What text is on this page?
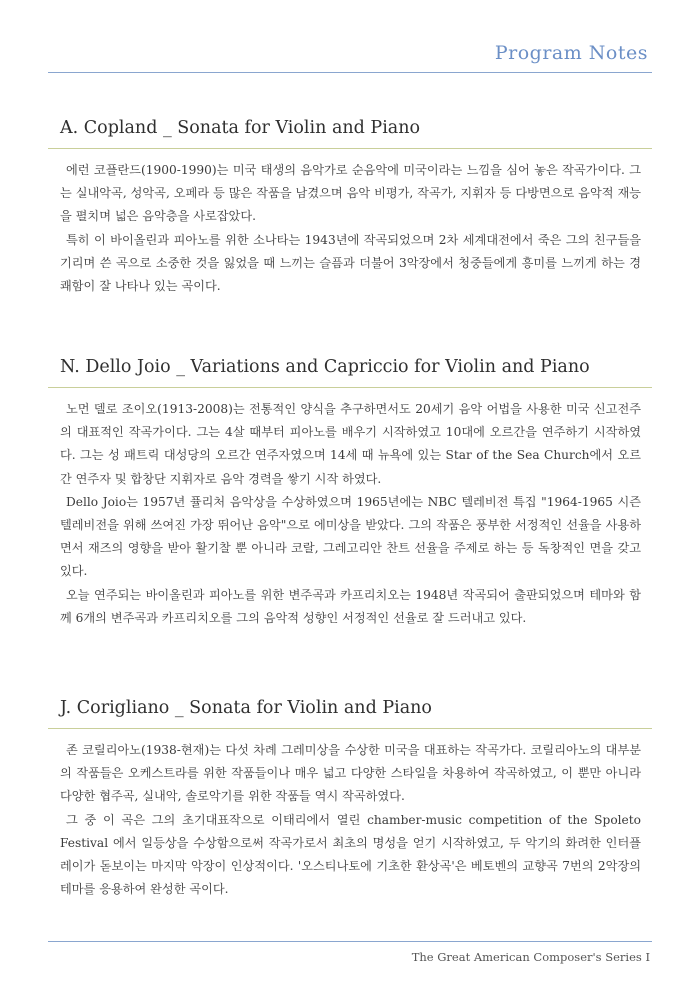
Program Notes
A. Copland _ Sonata for Violin and Piano

에런 코플란드(1900-1990)는 미국 태생의 음악가로 순음악에 미국이라는 느낌을 심어 놓은 작곡가이다. 그는 실내악곡, 성악곡, 오페라 등 많은 작품을 남겼으며 음악 비평가, 작곡가, 지휘자 등 다방면으로 음악적 재능을 펼치며 넓은 음악층을 사로잡았다.

특히 이 바이올린과 피아노를 위한 소나타는 1943년에 작곡되었으며 2차 세계대전에서 죽은 그의 친구들을 기리며 쓴 곡으로 소중한 것을 잃었을 때 느끼는 슬픔과 더불어 3악장에서 청중들에게 흥미를 느끼게 하는 경쾌함이 잘 나타나 있는 곡이다.

N. Dello Joio _ Variations and Capriccio for Violin and Piano

노먼 델로 조이오(1913-2008)는 전통적인 양식을 추구하면서도 20세기 음악 어법을 사용한 미국 신고전주의 대표적인 작곡가이다. 그는 4살 때부터 피아노를 배우기 시작하였고 10대에 오르간을 연주하기 시작하였다. 그는 성 패트릭 대성당의 오르간 연주자였으며 14세 때 뉴욕에 있는 Star of the Sea Church에서 오르간 연주자 및 합창단 지휘자로 음악 경력을 쌓기 시작 하였다.

Dello Joio는 1957년 퓰리처 음악상을 수상하였으며 1965년에는 NBC 텔레비전 특집 "1964-1965 시즌 텔레비전을 위해 쓰여진 가장 뛰어난 음악"으로 에미상을 받았다. 그의 작품은 풍부한 서정적인 선율을 사용하면서 재즈의 영향을 받아 활기찰 뿐 아니라 코랄, 그레고리안 찬트 선율을 주제로 하는 등 독창적인 면을 갖고 있다.

오늘 연주되는 바이올린과 피아노를 위한 변주곡과 카프리치오는 1948년 작곡되어 출판되었으며 테마와 함께 6개의 변주곡과 카프리치오를 그의 음악적 성향인 서정적인 선율로 잘 드러내고 있다.

J. Corigliano _ Sonata for Violin and Piano

존 코릴리아노(1938-현재)는 다섯 차례 그레미상을 수상한 미국을 대표하는 작곡가다. 코릴리아노의 대부분의 작품들은 오케스트라를 위한 작품들이나 매우 넓고 다양한 스타일을 차용하여 작곡하였고, 이 뿐만 아니라 다양한 협주곡, 실내악, 솔로악기를 위한 작품들 역시 작곡하였다.

그 중 이 곡은 그의 초기대표작으로 이태리에서 열린 chamber-music competition of the Spoleto Festival 에서 일등상을 수상함으로써 작곡가로서 최초의 명성을 얻기 시작하였고, 두 악기의 화려한 인터플레이가 돋보이는 마지막 악장이 인상적이다. '오스티나토에 기초한 환상곡'은 베토벤의 교향곡 7번의 2악장의 테마를 응용하여 완성한 곡이다.

The Great American Composer's Series I
